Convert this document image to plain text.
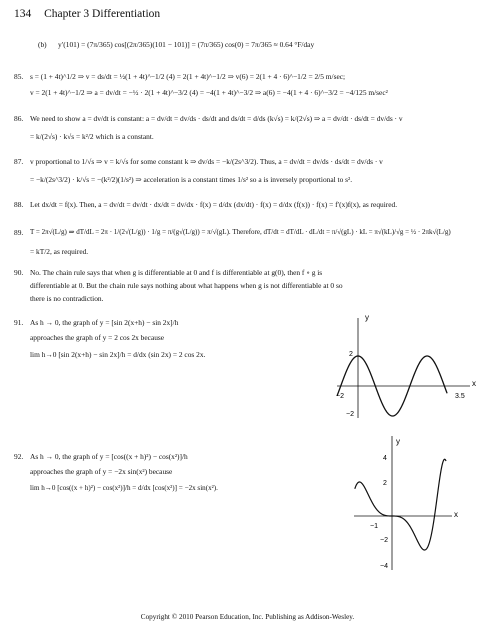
134 Chapter 3 Differentiation
(b) y′(101) = (7π/365) cos[(2π/365)(101 − 101)] = (7π/365) cos(0) = 7π/365 ≈ 0.64 °F/day
85. s = (1 + 4t)^1/2 ⇒ v = ds/dt = ½(1 + 4t)^−1/2 (4) = 2(1 + 4t)^−1/2 ⇒ v(6) = 2(1 + 4 · 6)^−1/2 = 2/5 m/sec;
v = 2(1 + 4t)^−1/2 ⇒ a = dv/dt = −½ · 2(1 + 4t)^−3/2 (4) = −4(1 + 4t)^−3/2 ⇒ a(6) = −4(1 + 4 · 6)^−3/2 = −4/125 m/sec²
86. We need to show a = dv/dt is constant: a = dv/dt = dv/ds · ds/dt and ds/dt = d/ds (k√s) = k/(2√s) ⇒ a = dv/dt · ds/dt = dv/ds · v
= k/(2√s) · k√s = k²/2 which is a constant.
87. v proportional to 1/√s ⇒ v = k/√s for some constant k ⇒ dv/ds = −k/(2s^3/2). Thus, a = dv/dt = dv/ds · ds/dt = dv/ds · v
= −k/(2s^3/2) · k/√s = −(k²/2)(1/s²) ⇒ acceleration is a constant times 1/s² so a is inversely proportional to s².
88. Let dx/dt = f(x). Then, a = dv/dt = dv/dt · dx/dt = dv/dx · f(x) = d/dx (dx/dt) · f(x) = d/dx (f(x)) · f(x) = f′(x)f(x), as required.
89. T = 2π√(L/g) ⇒ dT/dL = 2π · 1/(2√(L/g)) · 1/g = π/(g√(L/g)) = π/√(gL). Therefore, dT/dt = dT/dL · dL/dt = π/√(gL) · kL = π√(kL)/√g = ½ · 2πk√(L/g)
= kT/2, as required.
90. No. The chain rule says that when g is differentiable at 0 and f is differentiable at g(0), then f ∘ g is
differentiable at 0. But the chain rule says nothing about what happens when g is not differentiable at 0 so
there is no contradiction.
91. As h → 0, the graph of y = [sin 2(x+h) − sin 2x]/h
approaches the graph of y = 2 cos 2x because
lim h→0 [sin 2(x+h) − sin 2x]/h = d/dx (sin 2x) = 2 cos 2x.
y
x
2
−2
−2	3.5
92. As h → 0, the graph of y = [cos((x + h)²) − cos(x²)]/h
approaches the graph of y = −2x sin(x²) because
lim h→0 [cos((x + h)²) − cos(x²)]/h = d/dx [cos(x²)] = −2x sin(x²).
y
x
4
2
−1
−2
−4
Copyright © 2010 Pearson Education, Inc. Publishing as Addison-Wesley.
